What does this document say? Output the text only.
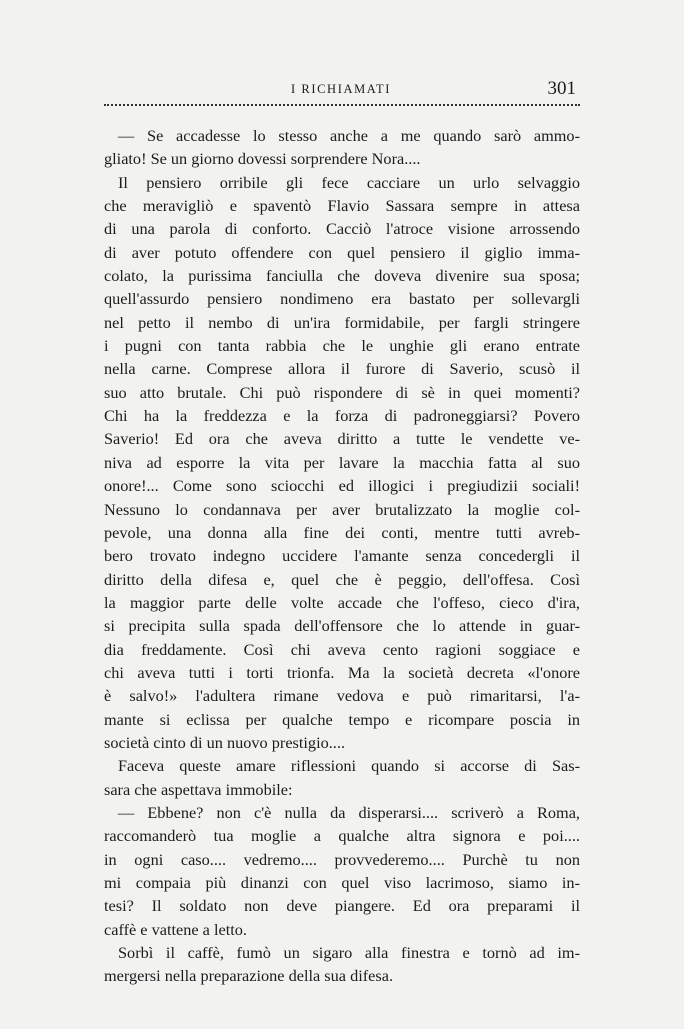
I RICHIAMATI	301
— Se accadesse lo stesso anche a me quando sarò ammo-
gliato! Se un giorno dovessi sorprendere Nora....
Il pensiero orribile gli fece cacciare un urlo selvaggio
che meravigliò e spaventò Flavio Sassara sempre in attesa
di una parola di conforto. Cacciò l'atroce visione arrossendo
di aver potuto offendere con quel pensiero il giglio imma-
colato, la purissima fanciulla che doveva divenire sua sposa;
quell'assurdo pensiero nondimeno era bastato per sollevargli
nel petto il nembo di un'ira formidabile, per fargli stringere
i pugni con tanta rabbia che le unghie gli erano entrate
nella carne. Comprese allora il furore di Saverio, scusò il
suo atto brutale. Chi può rispondere di sè in quei momenti?
Chi ha la freddezza e la forza di padroneggiarsi? Povero
Saverio! Ed ora che aveva diritto a tutte le vendette ve-
niva ad esporre la vita per lavare la macchia fatta al suo
onore!... Come sono sciocchi ed illogici i pregiudizii sociali!
Nessuno lo condannava per aver brutalizzato la moglie col-
pevole, una donna alla fine dei conti, mentre tutti avreb-
bero trovato indegno uccidere l'amante senza concedergli il
diritto della difesa e, quel che è peggio, dell'offesa. Così
la maggior parte delle volte accade che l'offeso, cieco d'ira,
si precipita sulla spada dell'offensore che lo attende in guar-
dia freddamente. Così chi aveva cento ragioni soggiace e
chi aveva tutti i torti trionfa. Ma la società decreta «l'onore
è salvo!» l'adultera rimane vedova e può rimaritarsi, l'a-
mante si eclissa per qualche tempo e ricompare poscia in
società cinto di un nuovo prestigio....
Faceva queste amare riflessioni quando si accorse di Sas-
sara che aspettava immobile:
— Ebbene? non c'è nulla da disperarsi.... scriverò a Roma,
raccomanderò tua moglie a qualche altra signora e poi....
in ogni caso.... vedremo.... provvederemo.... Purchè tu non
mi compaia più dinanzi con quel viso lacrimoso, siamo in-
tesi? Il soldato non deve piangere. Ed ora preparami il
caffè e vattene a letto.
Sorbì il caffè, fumò un sigaro alla finestra e tornò ad im-
mergersi nella preparazione della sua difesa.
